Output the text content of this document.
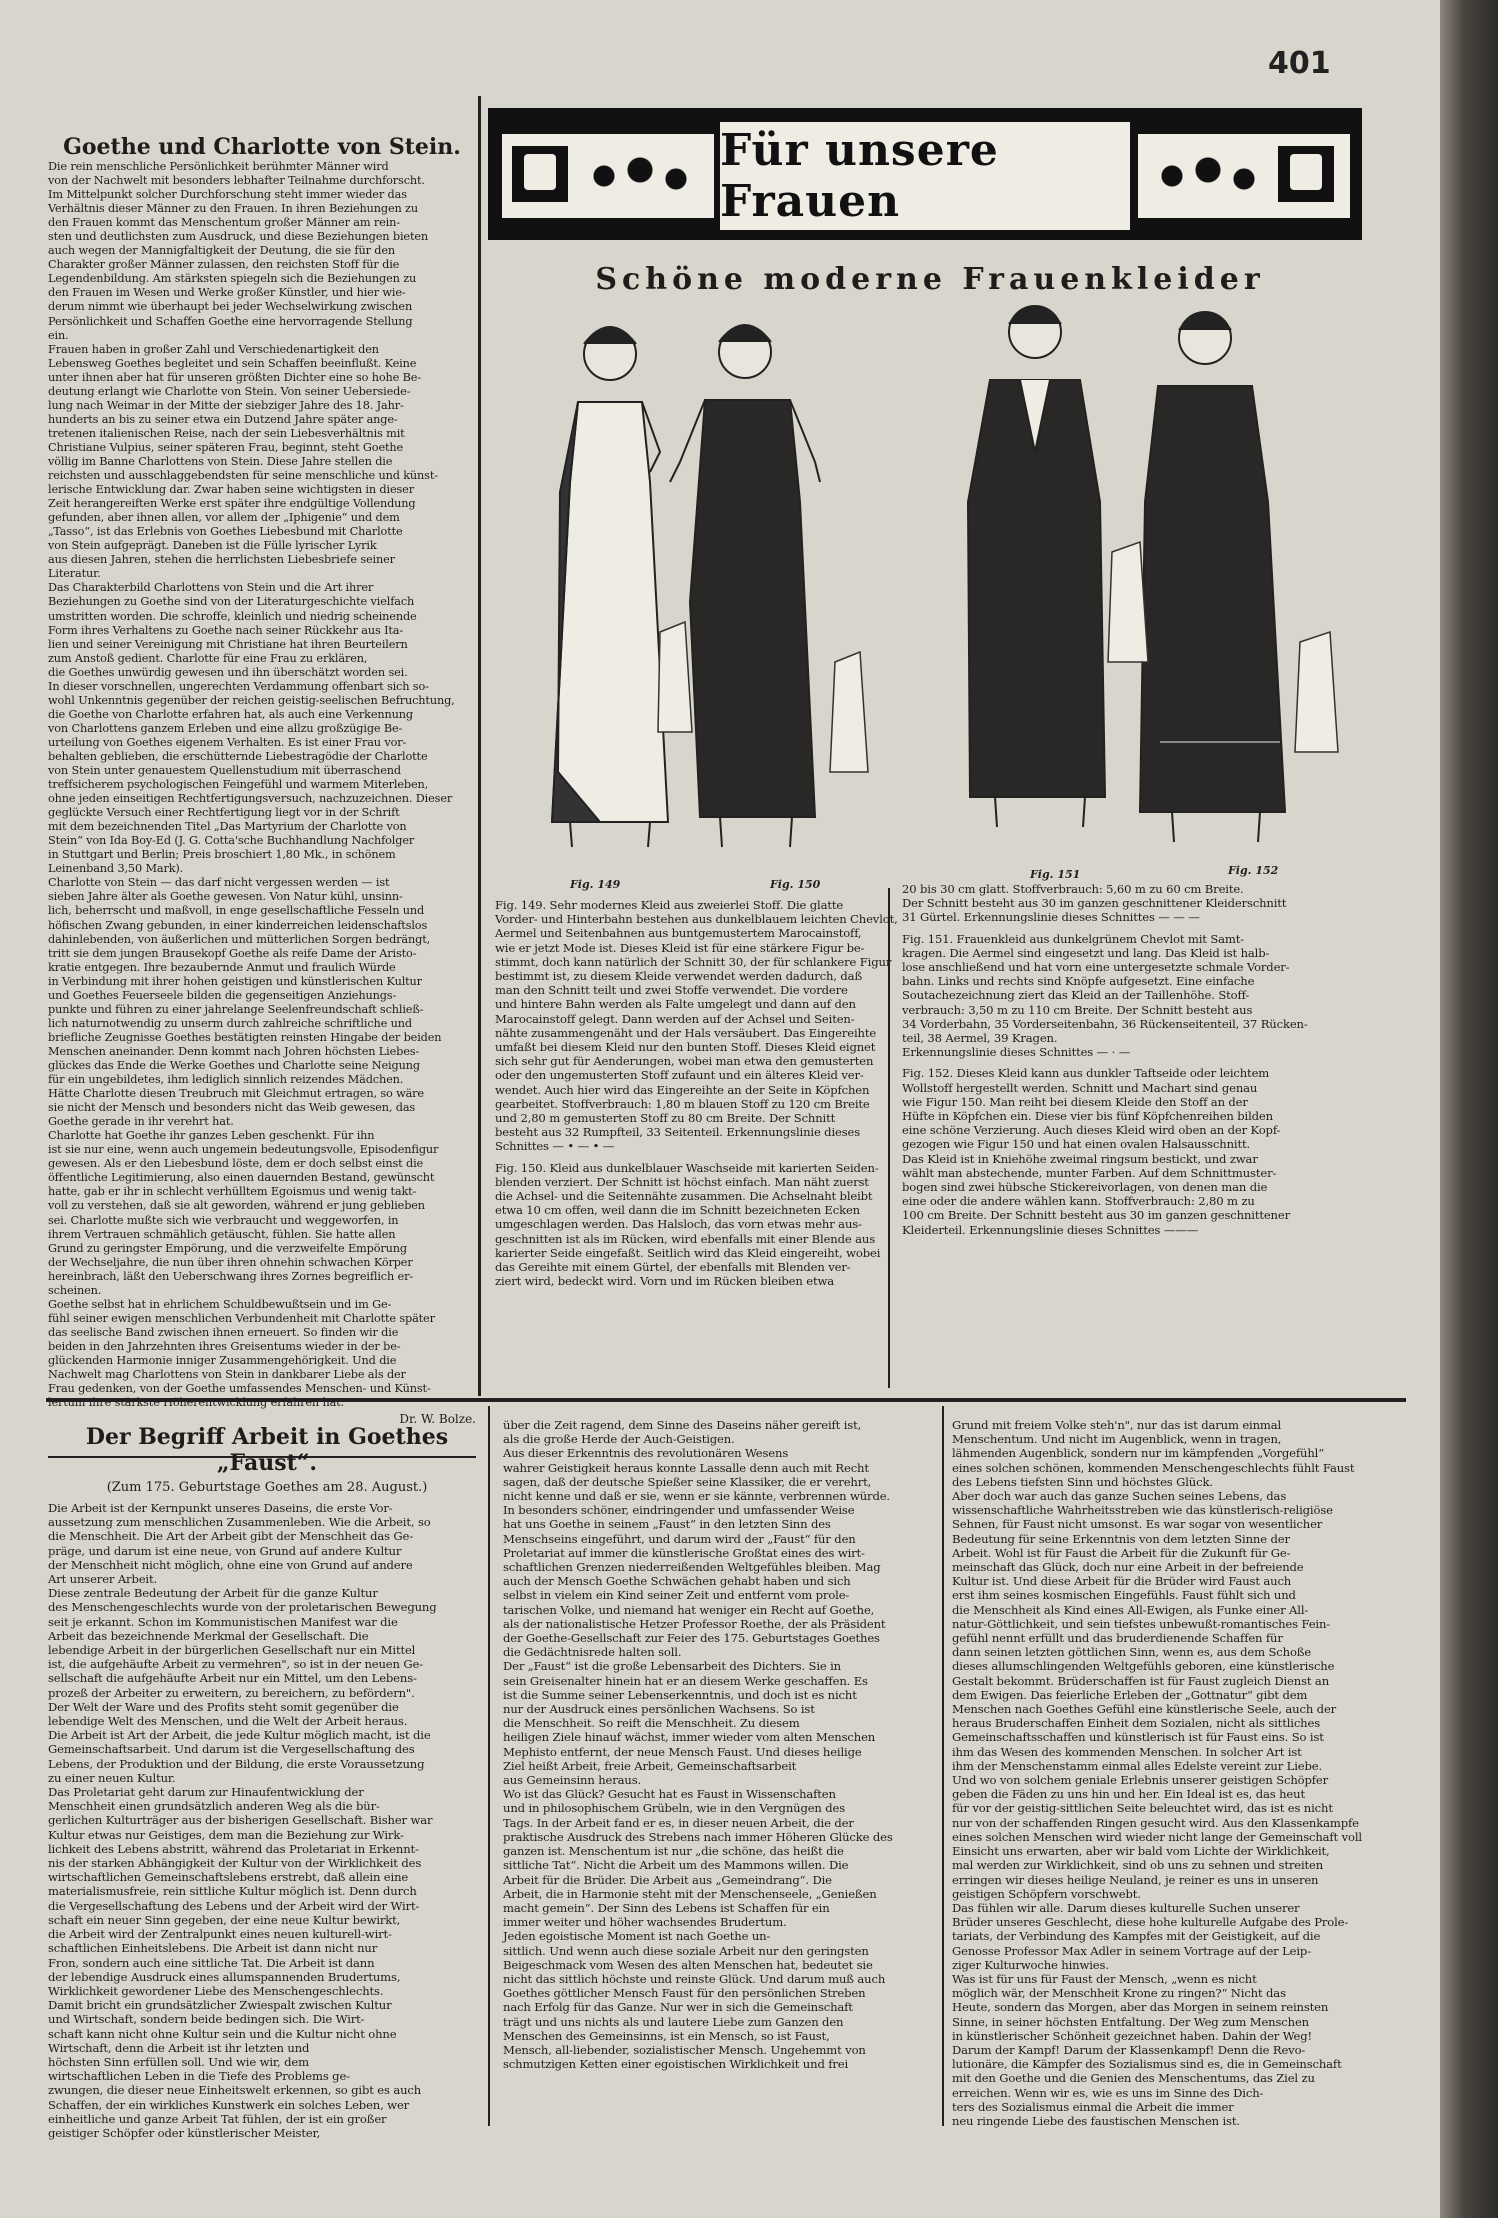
401
Goethe und Charlotte von Stein.
Die rein menschliche Persönlichkeit berühmter Männer wird
von der Nachwelt mit besonders lebhafter Teilnahme durchforscht.
Im Mittelpunkt solcher Durchforschung steht immer wieder das
Verhältnis dieser Männer zu den Frauen. In ihren Beziehungen zu
den Frauen kommt das Menschentum großer Männer am rein-
sten und deutlichsten zum Ausdruck, und diese Beziehungen bieten
auch wegen der Mannigfaltigkeit der Deutung, die sie für den
Charakter großer Männer zulassen, den reichsten Stoff für die
Legendenbildung. Am stärksten spiegeln sich die Beziehungen zu
den Frauen im Wesen und Werke großer Künstler, und hier wie-
derum nimmt wie überhaupt bei jeder Wechselwirkung zwischen
Persönlichkeit und Schaffen Goethe eine hervorragende Stellung
ein.
Frauen haben in großer Zahl und Verschiedenartigkeit den
Lebensweg Goethes begleitet und sein Schaffen beeinflußt. Keine
unter ihnen aber hat für unseren größten Dichter eine so hohe Be-
deutung erlangt wie Charlotte von Stein. Von seiner Uebersiede-
lung nach Weimar in der Mitte der siebziger Jahre des 18. Jahr-
hunderts an bis zu seiner etwa ein Dutzend Jahre später ange-
tretenen italienischen Reise, nach der sein Liebesverhältnis mit
Christiane Vulpius, seiner späteren Frau, beginnt, steht Goethe
völlig im Banne Charlottens von Stein. Diese Jahre stellen die
reichsten und ausschlaggebendsten für seine menschliche und künst-
lerische Entwicklung dar. Zwar haben seine wichtigsten in dieser
Zeit herangereiften Werke erst später ihre endgültige Vollendung
gefunden, aber ihnen allen, vor allem der „Iphigenie“ und dem
„Tasso“, ist das Erlebnis von Goethes Liebesbund mit Charlotte
von Stein aufgeprägt. Daneben ist die Fülle lyrischer Lyrik
aus diesen Jahren, stehen die herrlichsten Liebesbriefe seiner
Literatur.
Das Charakterbild Charlottens von Stein und die Art ihrer
Beziehungen zu Goethe sind von der Literaturgeschichte vielfach
umstritten worden. Die schroffe, kleinlich und niedrig scheinende
Form ihres Verhaltens zu Goethe nach seiner Rückkehr aus Ita-
lien und seiner Vereinigung mit Christiane hat ihren Beurteilern
zum Anstoß gedient. Charlotte für eine Frau zu erklären,
die Goethes unwürdig gewesen und ihn überschätzt worden sei.
In dieser vorschnellen, ungerechten Verdammung offenbart sich so-
wohl Unkenntnis gegenüber der reichen geistig-seelischen Befruchtung,
die Goethe von Charlotte erfahren hat, als auch eine Verkennung
von Charlottens ganzem Erleben und eine allzu großzügige Be-
urteilung von Goethes eigenem Verhalten. Es ist einer Frau vor-
behalten geblieben, die erschütternde Liebestragödie der Charlotte
von Stein unter genauestem Quellenstudium mit überraschend
treffsicherem psychologischen Feingefühl und warmem Miterleben,
ohne jeden einseitigen Rechtfertigungsversuch, nachzuzeichnen. Dieser
geglückte Versuch einer Rechtfertigung liegt vor in der Schrift
mit dem bezeichnenden Titel „Das Martyrium der Charlotte von
Stein“ von Ida Boy-Ed (J. G. Cotta'sche Buchhandlung Nachfolger
in Stuttgart und Berlin; Preis broschiert 1,80 Mk., in schönem
Leinenband 3,50 Mark).
Charlotte von Stein — das darf nicht vergessen werden — ist
sieben Jahre älter als Goethe gewesen. Von Natur kühl, unsinn-
lich, beherrscht und maßvoll, in enge gesellschaftliche Fesseln und
höfischen Zwang gebunden, in einer kinderreichen leidenschaftslos
dahinlebenden, von äußerlichen und mütterlichen Sorgen bedrängt,
tritt sie dem jungen Brausekopf Goethe als reife Dame der Aristo-
kratie entgegen. Ihre bezaubernde Anmut und fraulich Würde
in Verbindung mit ihrer hohen geistigen und künstlerischen Kultur
und Goethes Feuerseele bilden die gegenseitigen Anziehungs-
punkte und führen zu einer jahrelange Seelenfreundschaft schließ-
lich naturnotwendig zu unserm durch zahlreiche schriftliche und
briefliche Zeugnisse Goethes bestätigten reinsten Hingabe der beiden
Menschen aneinander. Denn kommt nach Johren höchsten Liebes-
glückes das Ende die Werke Goethes und Charlotte seine Neigung
für ein ungebildetes, ihm lediglich sinnlich reizendes Mädchen.
Hätte Charlotte diesen Treubruch mit Gleichmut ertragen, so wäre
sie nicht der Mensch und besonders nicht das Weib gewesen, das
Goethe gerade in ihr verehrt hat.
Charlotte hat Goethe ihr ganzes Leben geschenkt. Für ihn
ist sie nur eine, wenn auch ungemein bedeutungsvolle, Episodenfigur
gewesen. Als er den Liebesbund löste, dem er doch selbst einst die
öffentliche Legitimierung, also einen dauernden Bestand, gewünscht
hatte, gab er ihr in schlecht verhülltem Egoismus und wenig takt-
voll zu verstehen, daß sie alt geworden, während er jung geblieben
sei. Charlotte mußte sich wie verbraucht und weggeworfen, in
ihrem Vertrauen schmählich getäuscht, fühlen. Sie hatte allen
Grund zu geringster Empörung, und die verzweifelte Empörung
der Wechseljahre, die nun über ihren ohnehin schwachen Körper
hereinbrach, läßt den Ueberschwang ihres Zornes begreiflich er-
scheinen.
Goethe selbst hat in ehrlichem Schuldbewußtsein und im Ge-
fühl seiner ewigen menschlichen Verbundenheit mit Charlotte später
das seelische Band zwischen ihnen erneuert. So finden wir die
beiden in den Jahrzehnten ihres Greisentums wieder in der be-
glückenden Harmonie inniger Zusammengehörigkeit. Und die
Nachwelt mag Charlottens von Stein in dankbarer Liebe als der
Frau gedenken, von der Goethe umfassendes Menschen- und Künst-
lertum ihre stärkste Höherentwicklung erfahren hat.
Dr. W. Bolze.
Für unsere Frauen
Schöne moderne Frauenkleider
Fig. 149	Fig. 150
Fig. 151	Fig. 152
Fig. 149. Sehr modernes Kleid aus zweierlei Stoff. Die glatte
Vorder- und Hinterbahn bestehen aus dunkelblauem leichten Chevlot,
Aermel und Seitenbahnen aus buntgemustertem Marocainstoff,
wie er jetzt Mode ist. Dieses Kleid ist für eine stärkere Figur be-
stimmt, doch kann natürlich der Schnitt 30, der für schlankere Figur
bestimmt ist, zu diesem Kleide verwendet werden dadurch, daß
man den Schnitt teilt und zwei Stoffe verwendet. Die vordere
und hintere Bahn werden als Falte umgelegt und dann auf den
Marocainstoff gelegt. Dann werden auf der Achsel und Seiten-
nähte zusammengenäht und der Hals versäubert. Das Eingereihte
umfaßt bei diesem Kleid nur den bunten Stoff. Dieses Kleid eignet
sich sehr gut für Aenderungen, wobei man etwa den gemusterten
oder den ungemusterten Stoff zufaunt und ein älteres Kleid ver-
wendet. Auch hier wird das Eingereihte an der Seite in Köpfchen
gearbeitet. Stoffverbrauch: 1,80 m blauen Stoff zu 120 cm Breite
und 2,80 m gemusterten Stoff zu 80 cm Breite. Der Schnitt
besteht aus 32 Rumpfteil, 33 Seitenteil. Erkennungslinie dieses
Schnittes — • — • —

Fig. 150. Kleid aus dunkelblauer Waschseide mit karierten Seiden-
blenden verziert. Der Schnitt ist höchst einfach. Man näht zuerst
die Achsel- und die Seitennähte zusammen. Die Achselnaht bleibt
etwa 10 cm offen, weil dann die im Schnitt bezeichneten Ecken
umgeschlagen werden. Das Halsloch, das vorn etwas mehr aus-
geschnitten ist als im Rücken, wird ebenfalls mit einer Blende aus
karierter Seide eingefaßt. Seitlich wird das Kleid eingereiht, wobei
das Gereihte mit einem Gürtel, der ebenfalls mit Blenden ver-
ziert wird, bedeckt wird. Vorn und im Rücken bleiben etwa
20 bis 30 cm glatt. Stoffverbrauch: 5,60 m zu 60 cm Breite.
Der Schnitt besteht aus 30 im ganzen geschnittener Kleiderschnitt
31 Gürtel. Erkennungslinie dieses Schnittes — — —

Fig. 151. Frauenkleid aus dunkelgrünem Chevlot mit Samt-
kragen. Die Aermel sind eingesetzt und lang. Das Kleid ist halb-
lose anschließend und hat vorn eine untergesetzte schmale Vorder-
bahn. Links und rechts sind Knöpfe aufgesetzt. Eine einfache
Soutachezeichnung ziert das Kleid an der Taillenhöhe. Stoff-
verbrauch: 3,50 m zu 110 cm Breite. Der Schnitt besteht aus
34 Vorderbahn, 35 Vorderseitenbahn, 36 Rückenseitenteil, 37 Rücken-
teil, 38 Aermel, 39 Kragen.
Erkennungslinie dieses Schnittes — · —

Fig. 152. Dieses Kleid kann aus dunkler Taftseide oder leichtem
Wollstoff hergestellt werden. Schnitt und Machart sind genau
wie Figur 150. Man reiht bei diesem Kleide den Stoff an der
Hüfte in Köpfchen ein. Diese vier bis fünf Köpfchenreihen bilden
eine schöne Verzierung. Auch dieses Kleid wird oben an der Kopf-
gezogen wie Figur 150 und hat einen ovalen Halsausschnitt.
Das Kleid ist in Kniehöhe zweimal ringsum bestickt, und zwar
wählt man abstechende, munter Farben. Auf dem Schnittmuster-
bogen sind zwei hübsche Stickereivorlagen, von denen man die
eine oder die andere wählen kann. Stoffverbrauch: 2,80 m zu
100 cm Breite. Der Schnitt besteht aus 30 im ganzen geschnittener
Kleiderteil. Erkennungslinie dieses Schnittes ———
Der Begriff Arbeit in Goethes „Faust“.
(Zum 175. Geburtstage Goethes am 28. August.)
Die Arbeit ist der Kernpunkt unseres Daseins, die erste Vor-
aussetzung zum menschlichen Zusammenleben. Wie die Arbeit, so
die Menschheit. Die Art der Arbeit gibt der Menschheit das Ge-
präge, und darum ist eine neue, von Grund auf andere Kultur
der Menschheit nicht möglich, ohne eine von Grund auf andere
Art unserer Arbeit.
Diese zentrale Bedeutung der Arbeit für die ganze Kultur
des Menschengeschlechts wurde von der proletarischen Bewegung
seit je erkannt. Schon im Kommunistischen Manifest war die
Arbeit das bezeichnende Merkmal der Gesellschaft. Die
lebendige Arbeit in der bürgerlichen Gesellschaft nur ein Mittel
ist, die aufgehäufte Arbeit zu vermehren", so ist in der neuen Ge-
sellschaft die aufgehäufte Arbeit nur ein Mittel, um den Lebens-
prozeß der Arbeiter zu erweitern, zu bereichern, zu befördern".
Der Welt der Ware und des Profits steht somit gegenüber die
lebendige Welt des Menschen, und die Welt der Arbeit heraus.
Die Arbeit ist Art der Arbeit, die jede Kultur möglich macht, ist die
Gemeinschaftsarbeit. Und darum ist die Vergesellschaftung des
Lebens, der Produktion und der Bildung, die erste Voraussetzung
zu einer neuen Kultur.
Das Proletariat geht darum zur Hinaufentwicklung der
Menschheit einen grundsätzlich anderen Weg als die bür-
gerlichen Kulturträger aus der bisherigen Gesellschaft. Bisher war
Kultur etwas nur Geistiges, dem man die Beziehung zur Wirk-
lichkeit des Lebens abstritt, während das Proletariat in Erkennt-
nis der starken Abhängigkeit der Kultur von der Wirklichkeit des
wirtschaftlichen Gemeinschaftslebens erstrebt, daß allein eine
materialismusfreie, rein sittliche Kultur möglich ist. Denn durch
die Vergesellschaftung des Lebens und der Arbeit wird der Wirt-
schaft ein neuer Sinn gegeben, der eine neue Kultur bewirkt,
die Arbeit wird der Zentralpunkt eines neuen kulturell-wirt-
schaftlichen Einheitslebens. Die Arbeit ist dann nicht nur
Fron, sondern auch eine sittliche Tat. Die Arbeit ist dann
der lebendige Ausdruck eines allumspannenden Brudertums,
Wirklichkeit gewordener Liebe des Menschengeschlechts.
Damit bricht ein grundsätzlicher Zwiespalt zwischen Kultur
und Wirtschaft, sondern beide bedingen sich. Die Wirt-
schaft kann nicht ohne Kultur sein und die Kultur nicht ohne
Wirtschaft, denn die Arbeit ist ihr letzten und
höchsten Sinn erfüllen soll. Und wie wir, dem
wirtschaftlichen Leben in die Tiefe des Problems ge-
zwungen, die dieser neue Einheitswelt erkennen, so gibt es auch
Schaffen, der ein wirkliches Kunstwerk ein solches Leben, wer
einheitliche und ganze Arbeit Tat fühlen, der ist ein großer
geistiger Schöpfer oder künstlerischer Meister,
über die Zeit ragend, dem Sinne des Daseins näher gereift ist,
als die große Herde der Auch-Geistigen.
Aus dieser Erkenntnis des revolutionären Wesens
wahrer Geistigkeit heraus konnte Lassalle denn auch mit Recht
sagen, daß der deutsche Spießer seine Klassiker, die er verehrt,
nicht kenne und daß er sie, wenn er sie kännte, verbrennen würde.
In besonders schöner, eindringender und umfassender Weise
hat uns Goethe in seinem „Faust“ in den letzten Sinn des
Menschseins eingeführt, und darum wird der „Faust“ für den
Proletariat auf immer die künstlerische Großtat eines des wirt-
schaftlichen Grenzen niederreißenden Weltgefühles bleiben. Mag
auch der Mensch Goethe Schwächen gehabt haben und sich
selbst in vielem ein Kind seiner Zeit und entfernt vom prole-
tarischen Volke, und niemand hat weniger ein Recht auf Goethe,
als der nationalistische Hetzer Professor Roethe, der als Präsident
der Goethe-Gesellschaft zur Feier des 175. Geburtstages Goethes
die Gedächtnisrede halten soll.
Der „Faust“ ist die große Lebensarbeit des Dichters. Sie in
sein Greisenalter hinein hat er an diesem Werke geschaffen. Es
ist die Summe seiner Lebenserkenntnis, und doch ist es nicht
nur der Ausdruck eines persönlichen Wachsens. So ist
die Menschheit. So reift die Menschheit. Zu diesem
heiligen Ziele hinauf wächst, immer wieder vom alten Menschen
Mephisto entfernt, der neue Mensch Faust. Und dieses heilige
Ziel heißt Arbeit, freie Arbeit, Gemeinschaftsarbeit
aus Gemeinsinn heraus.
Wo ist das Glück? Gesucht hat es Faust in Wissenschaften
und in philosophischem Grübeln, wie in den Vergnügen des
Tags. In der Arbeit fand er es, in dieser neuen Arbeit, die der
praktische Ausdruck des Strebens nach immer Höheren Glücke des
ganzen ist. Menschentum ist nur „die schöne, das heißt die
sittliche Tat“. Nicht die Arbeit um des Mammons willen. Die
Arbeit für die Brüder. Die Arbeit aus „Gemeindrang“. Die
Arbeit, die in Harmonie steht mit der Menschenseele, „Genießen
macht gemein“. Der Sinn des Lebens ist Schaffen für ein
immer weiter und höher wachsendes Brudertum.
Jeden egoistische Moment ist nach Goethe un-
sittlich. Und wenn auch diese soziale Arbeit nur den geringsten
Beigeschmack vom Wesen des alten Menschen hat, bedeutet sie
nicht das sittlich höchste und reinste Glück. Und darum muß auch
Goethes göttlicher Mensch Faust für den persönlichen Streben
nach Erfolg für das Ganze. Nur wer in sich die Gemeinschaft
trägt und uns nichts als und lautere Liebe zum Ganzen den
Menschen des Gemeinsinns, ist ein Mensch, so ist Faust,
Mensch, all-liebender, sozialistischer Mensch. Ungehemmt von
schmutzigen Ketten einer egoistischen Wirklichkeit und frei
Grund mit freiem Volke steh'n", nur das ist darum einmal
Menschentum. Und nicht im Augenblick, wenn in tragen,
lähmenden Augenblick, sondern nur im kämpfenden „Vorgefühl“
eines solchen schönen, kommenden Menschengeschlechts fühlt Faust
des Lebens tiefsten Sinn und höchstes Glück.
Aber doch war auch das ganze Suchen seines Lebens, das
wissenschaftliche Wahrheitsstreben wie das künstlerisch-religiöse
Sehnen, für Faust nicht umsonst. Es war sogar von wesentlicher
Bedeutung für seine Erkenntnis von dem letzten Sinne der
Arbeit. Wohl ist für Faust die Arbeit für die Zukunft für Ge-
meinschaft das Glück, doch nur eine Arbeit in der befreiende
Kultur ist. Und diese Arbeit für die Brüder wird Faust auch
erst ihm seines kosmischen Eingefühls. Faust fühlt sich und
die Menschheit als Kind eines All-Ewigen, als Funke einer All-
natur-Göttlichkeit, und sein tiefstes unbewußt-romantisches Fein-
gefühl nennt erfüllt und das bruderdienende Schaffen für
dann seinen letzten göttlichen Sinn, wenn es, aus dem Schoße
dieses allumschlingenden Weltgefühls geboren, eine künstlerische
Gestalt bekommt. Brüderschaffen ist für Faust zugleich Dienst an
dem Ewigen. Das feierliche Erleben der „Gottnatur“ gibt dem
Menschen nach Goethes Gefühl eine künstlerische Seele, auch der
heraus Bruderschaffen Einheit dem Sozialen, nicht als sittliches
Gemeinschaftsschaffen und künstlerisch ist für Faust eins. So ist
ihm das Wesen des kommenden Menschen. In solcher Art ist
ihm der Menschenstamm einmal alles Edelste vereint zur Liebe.
Und wo von solchem geniale Erlebnis unserer geistigen Schöpfer
geben die Fäden zu uns hin und her. Ein Ideal ist es, das heut
für vor der geistig-sittlichen Seite beleuchtet wird, das ist es nicht
nur von der schaffenden Ringen gesucht wird. Aus den Klassenkampfe
eines solchen Menschen wird wieder nicht lange der Gemeinschaft voll
Einsicht uns erwarten, aber wir bald vom Lichte der Wirklichkeit,
mal werden zur Wirklichkeit, sind ob uns zu sehnen und streiten
erringen wir dieses heilige Neuland, je reiner es uns in unseren
geistigen Schöpfern vorschwebt.
Das fühlen wir alle. Darum dieses kulturelle Suchen unserer
Brüder unseres Geschlecht, diese hohe kulturelle Aufgabe des Prole-
tariats, der Verbindung des Kampfes mit der Geistigkeit, auf die
Genosse Professor Max Adler in seinem Vortrage auf der Leip-
ziger Kulturwoche hinwies.
Was ist für uns für Faust der Mensch, „wenn es nicht
möglich wär, der Menschheit Krone zu ringen?“ Nicht das
Heute, sondern das Morgen, aber das Morgen in seinem reinsten
Sinne, in seiner höchsten Entfaltung. Der Weg zum Menschen
in künstlerischer Schönheit gezeichnet haben. Dahin der Weg!
Darum der Kampf! Darum der Klassenkampf! Denn die Revo-
lutionäre, die Kämpfer des Sozialismus sind es, die in Gemeinschaft
mit den Goethe und die Genien des Menschentums, das Ziel zu
erreichen. Wenn wir es, wie es uns im Sinne des Dich-
ters des Sozialismus einmal die Arbeit die immer
neu ringende Liebe des faustischen Menschen ist.
